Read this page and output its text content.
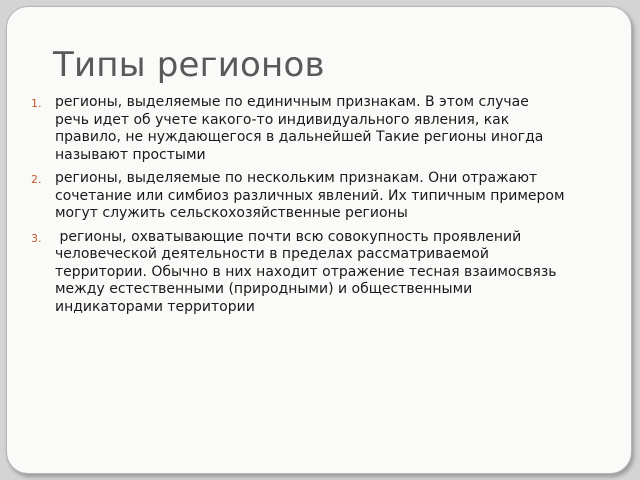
Типы регионов
1. регионы, выделяемые по единичным признакам. В этом случае речь идет об учете какого-то индивидуального явления, как правило, не нуждающегося в дальнейшей Такие регионы иногда называют простыми
2. регионы, выделяемые по нескольким признакам. Они отражают сочетание или симбиоз различных явлений. Их типичным примером могут служить сельскохозяйственные регионы
3. регионы, охватывающие почти всю совокупность проявлений человеческой деятельности в пределах рассматриваемой территории. Обычно в них находит отражение тесная взаимосвязь между естественными (природными) и общественными индикаторами территории
